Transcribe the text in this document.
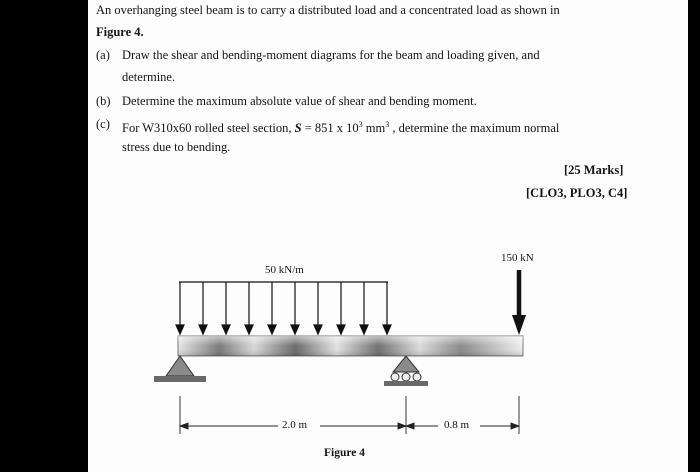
An overhanging steel beam is to carry a distributed load and a concentrated load as shown in
Figure 4.
(a) Draw the shear and bending-moment diagrams for the beam and loading given, and
determine.
(b) Determine the maximum absolute value of shear and bending moment.
(c) For W310x60 rolled steel section, S = 851 x $10^3$ $mm^3$ , determine the maximum normal
stress due to bending.
[25 Marks]
[CLO3, PLO3, C4]
50 kN/m
150 kN
2.0 m	0.8 m
Figure 4
